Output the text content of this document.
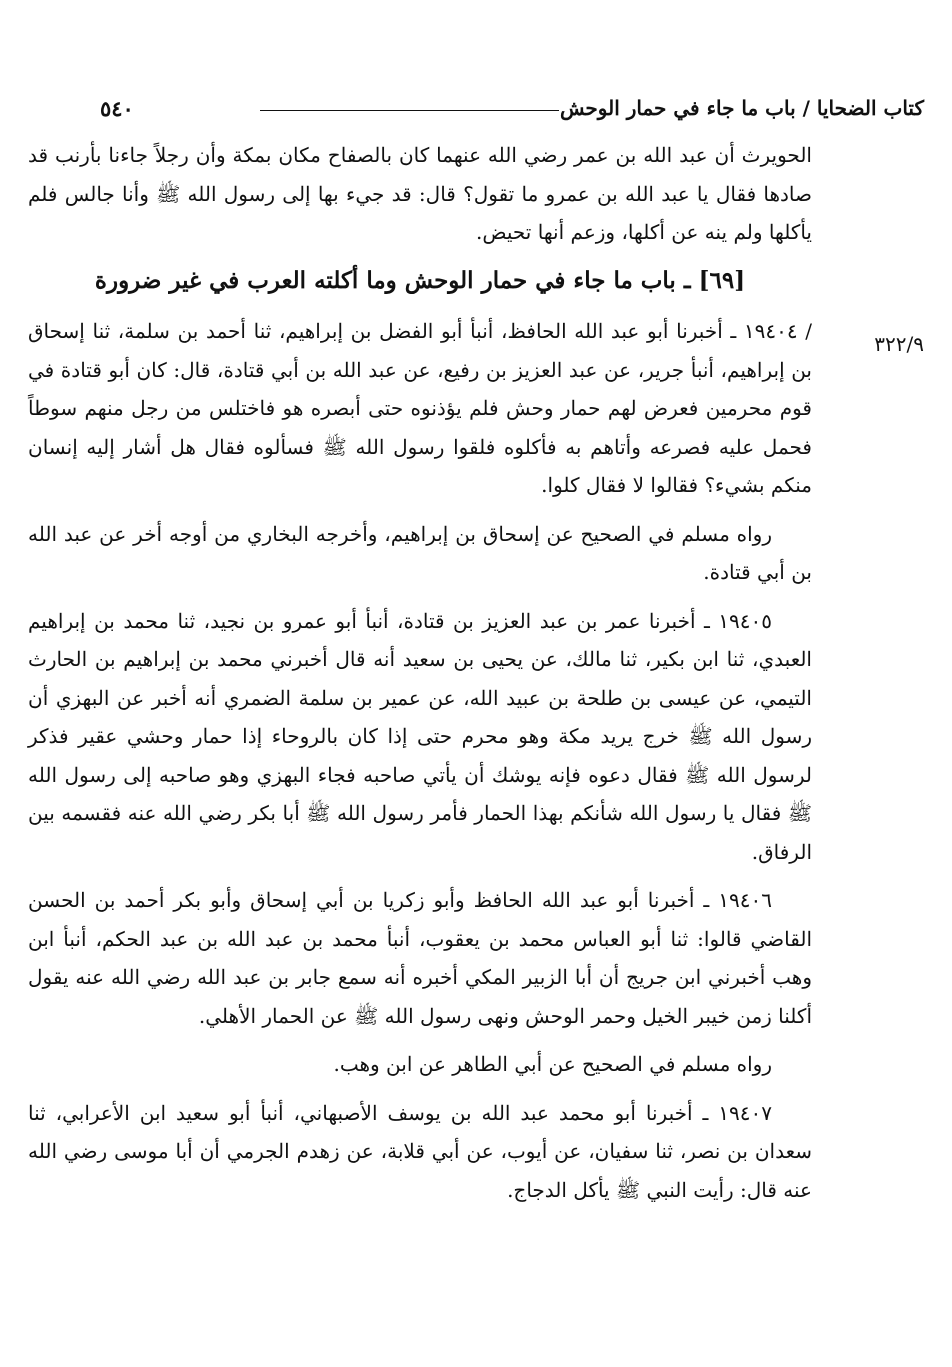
٥٤٠	كتاب الضحايا / باب ما جاء في حمار الوحش
٣٢٢/٩

الحويرث أن عبد الله بن عمر رضي الله عنهما كان بالصفاح مكان بمكة وأن رجلاً جاءنا بأرنب قد صادها فقال يا عبد الله بن عمرو ما تقول؟ قال: قد جيء بها إلى رسول الله ﷺ وأنا جالس فلم يأكلها ولم ينه عن أكلها، وزعم أنها تحيض.

[٦٩] ـ باب ما جاء في حمار الوحش وما أكلته العرب في غير ضرورة

/ ١٩٤٠٤ ـ أخبرنا أبو عبد الله الحافظ، أنبأ أبو الفضل بن إبراهيم، ثنا أحمد بن سلمة، ثنا إسحاق بن إبراهيم، أنبأ جرير، عن عبد العزيز بن رفيع، عن عبد الله بن أبي قتادة، قال: كان أبو قتادة في قوم محرمين فعرض لهم حمار وحش فلم يؤذنوه حتى أبصره هو فاختلس من رجل منهم سوطاً فحمل عليه فصرعه وأتاهم به فأكلوه فلقوا رسول الله ﷺ فسألوه فقال هل أشار إليه إنسان منكم بشيء؟ فقالوا لا فقال كلوا.

رواه مسلم في الصحيح عن إسحاق بن إبراهيم، وأخرجه البخاري من أوجه أخر عن عبد الله بن أبي قتادة.

١٩٤٠٥ ـ أخبرنا عمر بن عبد العزيز بن قتادة، أنبأ أبو عمرو بن نجيد، ثنا محمد بن إبراهيم العبدي، ثنا ابن بكير، ثنا مالك، عن يحيى بن سعيد أنه قال أخبرني محمد بن إبراهيم بن الحارث التيمي، عن عيسى بن طلحة بن عبيد الله، عن عمير بن سلمة الضمري أنه أخبر عن البهزي أن رسول الله ﷺ خرج يريد مكة وهو محرم حتى إذا كان بالروحاء إذا حمار وحشي عقير فذكر لرسول الله ﷺ فقال دعوه فإنه يوشك أن يأتي صاحبه فجاء البهزي وهو صاحبه إلى رسول الله ﷺ فقال يا رسول الله شأنكم بهذا الحمار فأمر رسول الله ﷺ أبا بكر رضي الله عنه فقسمه بين الرفاق.

١٩٤٠٦ ـ أخبرنا أبو عبد الله الحافظ وأبو زكريا بن أبي إسحاق وأبو بكر أحمد بن الحسن القاضي قالوا: ثنا أبو العباس محمد بن يعقوب، أنبأ محمد بن عبد الله بن عبد الحكم، أنبأ ابن وهب أخبرني ابن جريج أن أبا الزبير المكي أخبره أنه سمع جابر بن عبد الله رضي الله عنه يقول أكلنا زمن خيبر الخيل وحمر الوحش ونهى رسول الله ﷺ عن الحمار الأهلي.

رواه مسلم في الصحيح عن أبي الطاهر عن ابن وهب.

١٩٤٠٧ ـ أخبرنا أبو محمد عبد الله بن يوسف الأصبهاني، أنبأ أبو سعيد ابن الأعرابي، ثنا سعدان بن نصر، ثنا سفيان، عن أيوب، عن أبي قلابة، عن زهدم الجرمي أن أبا موسى رضي الله عنه قال: رأيت النبي ﷺ يأكل الدجاج.
